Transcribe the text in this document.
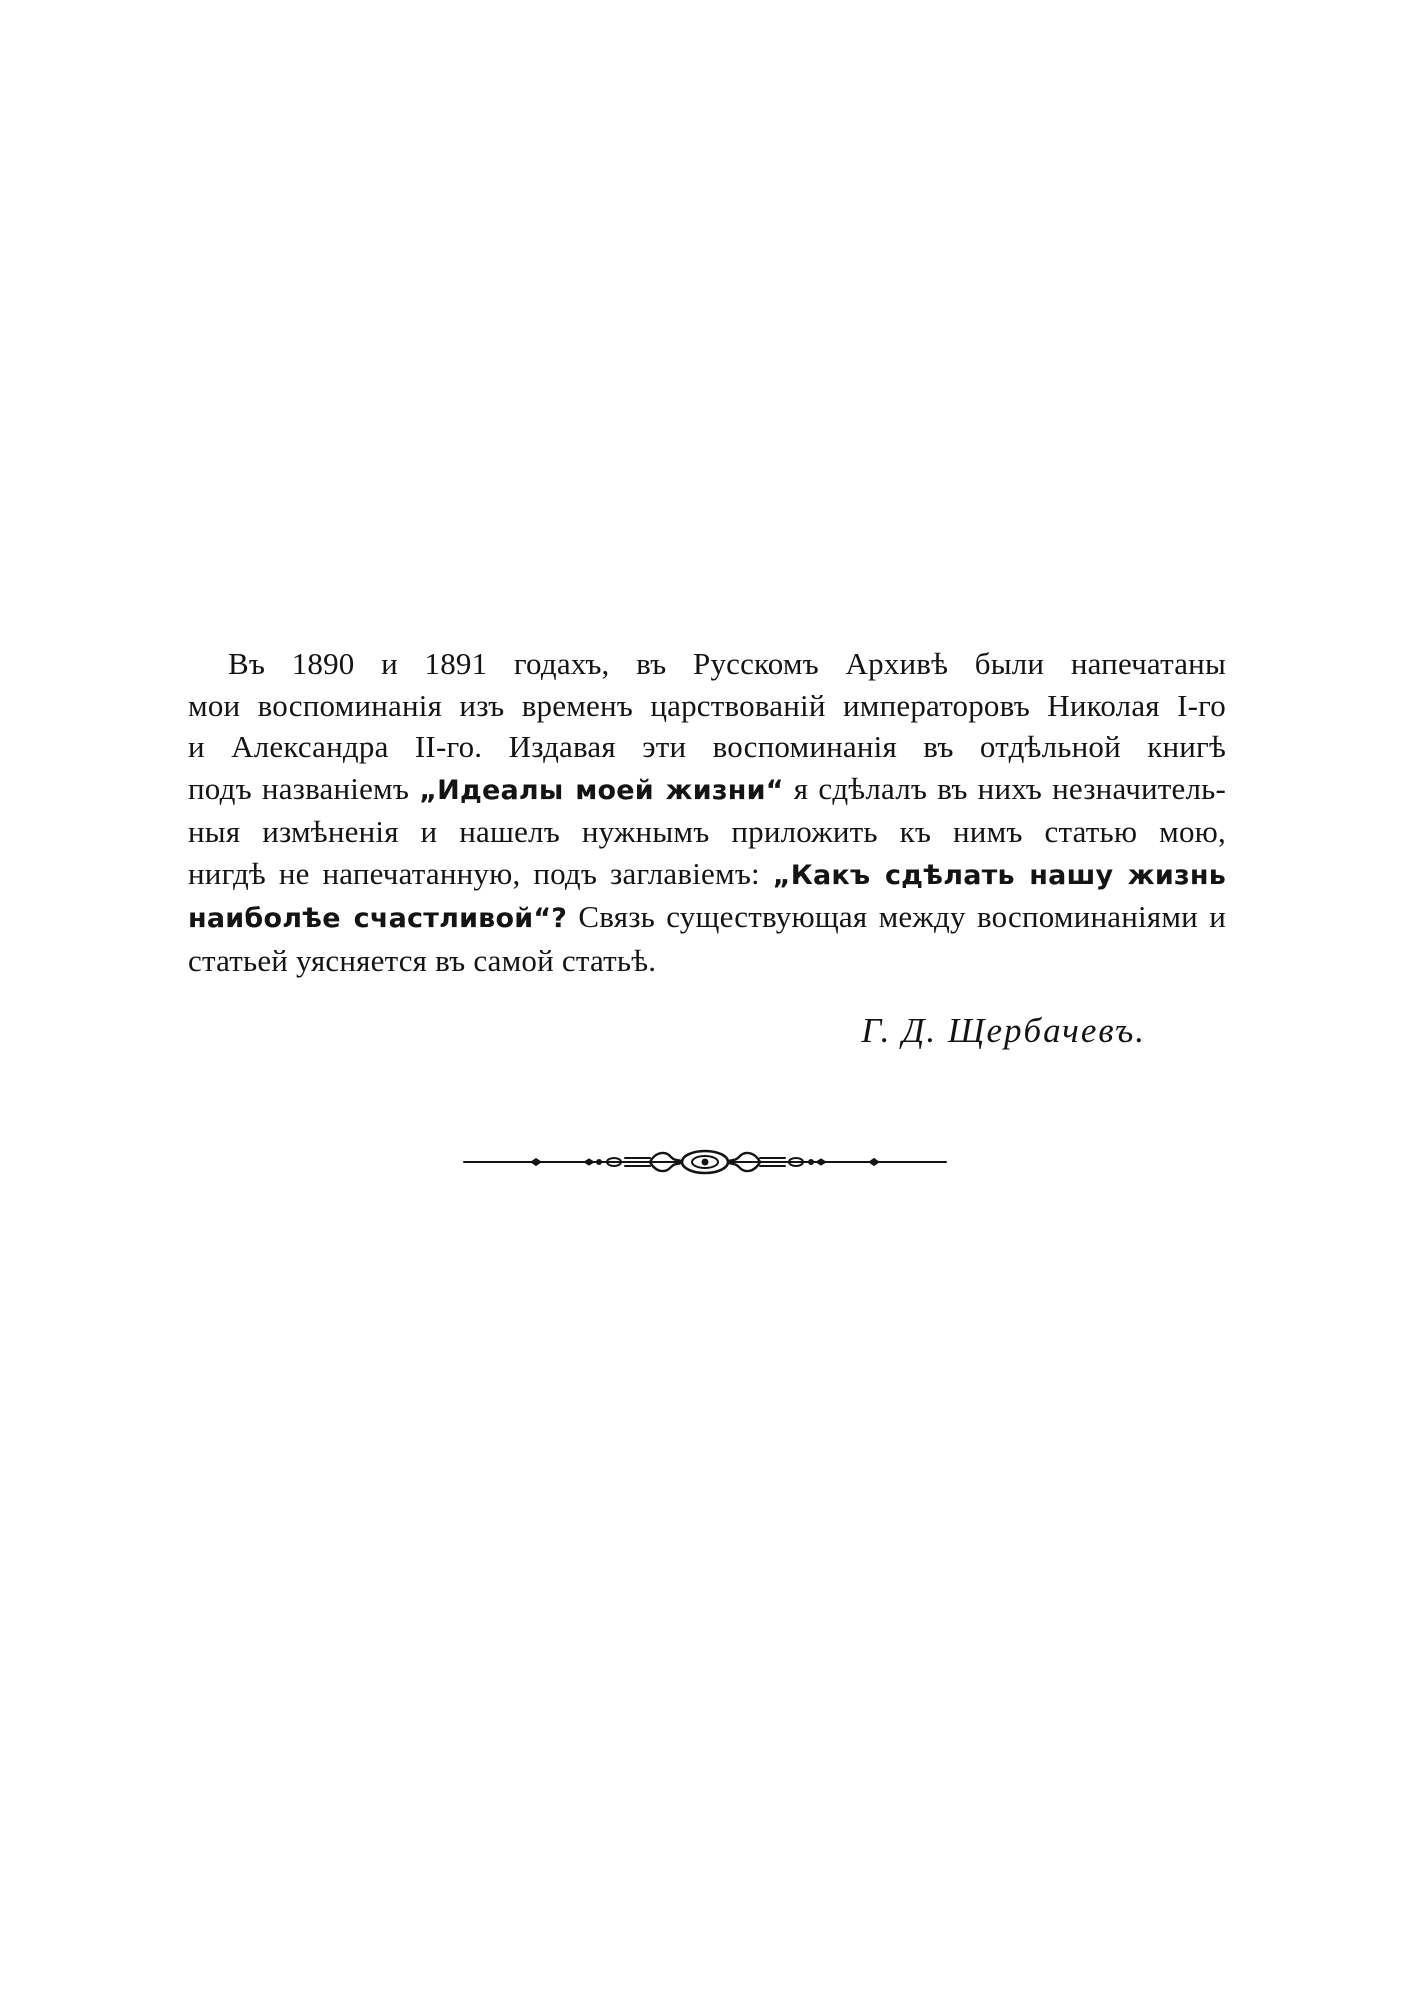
Въ 1890 и 1891 годахъ, въ Русскомъ Архивѣ были напечатаны
мои воспоминанія изъ временъ царствованій императоровъ Николая I-го
и Александра II-го. Издавая эти воспоминанія въ отдѣльной книгѣ
подъ названіемъ „Идеалы моей жизни“ я сдѣлалъ въ нихъ незначитель-
ныя измѣненія и нашелъ нужнымъ приложить къ нимъ статью мою,
нигдѣ не напечатанную, подъ заглавіемъ: „Какъ сдѣлать нашу жизнь
наиболѣе счастливой“? Связь существующая между воспоминаніями и
статьей уясняется въ самой статьѣ.
Г. Д. Щербачевъ.
